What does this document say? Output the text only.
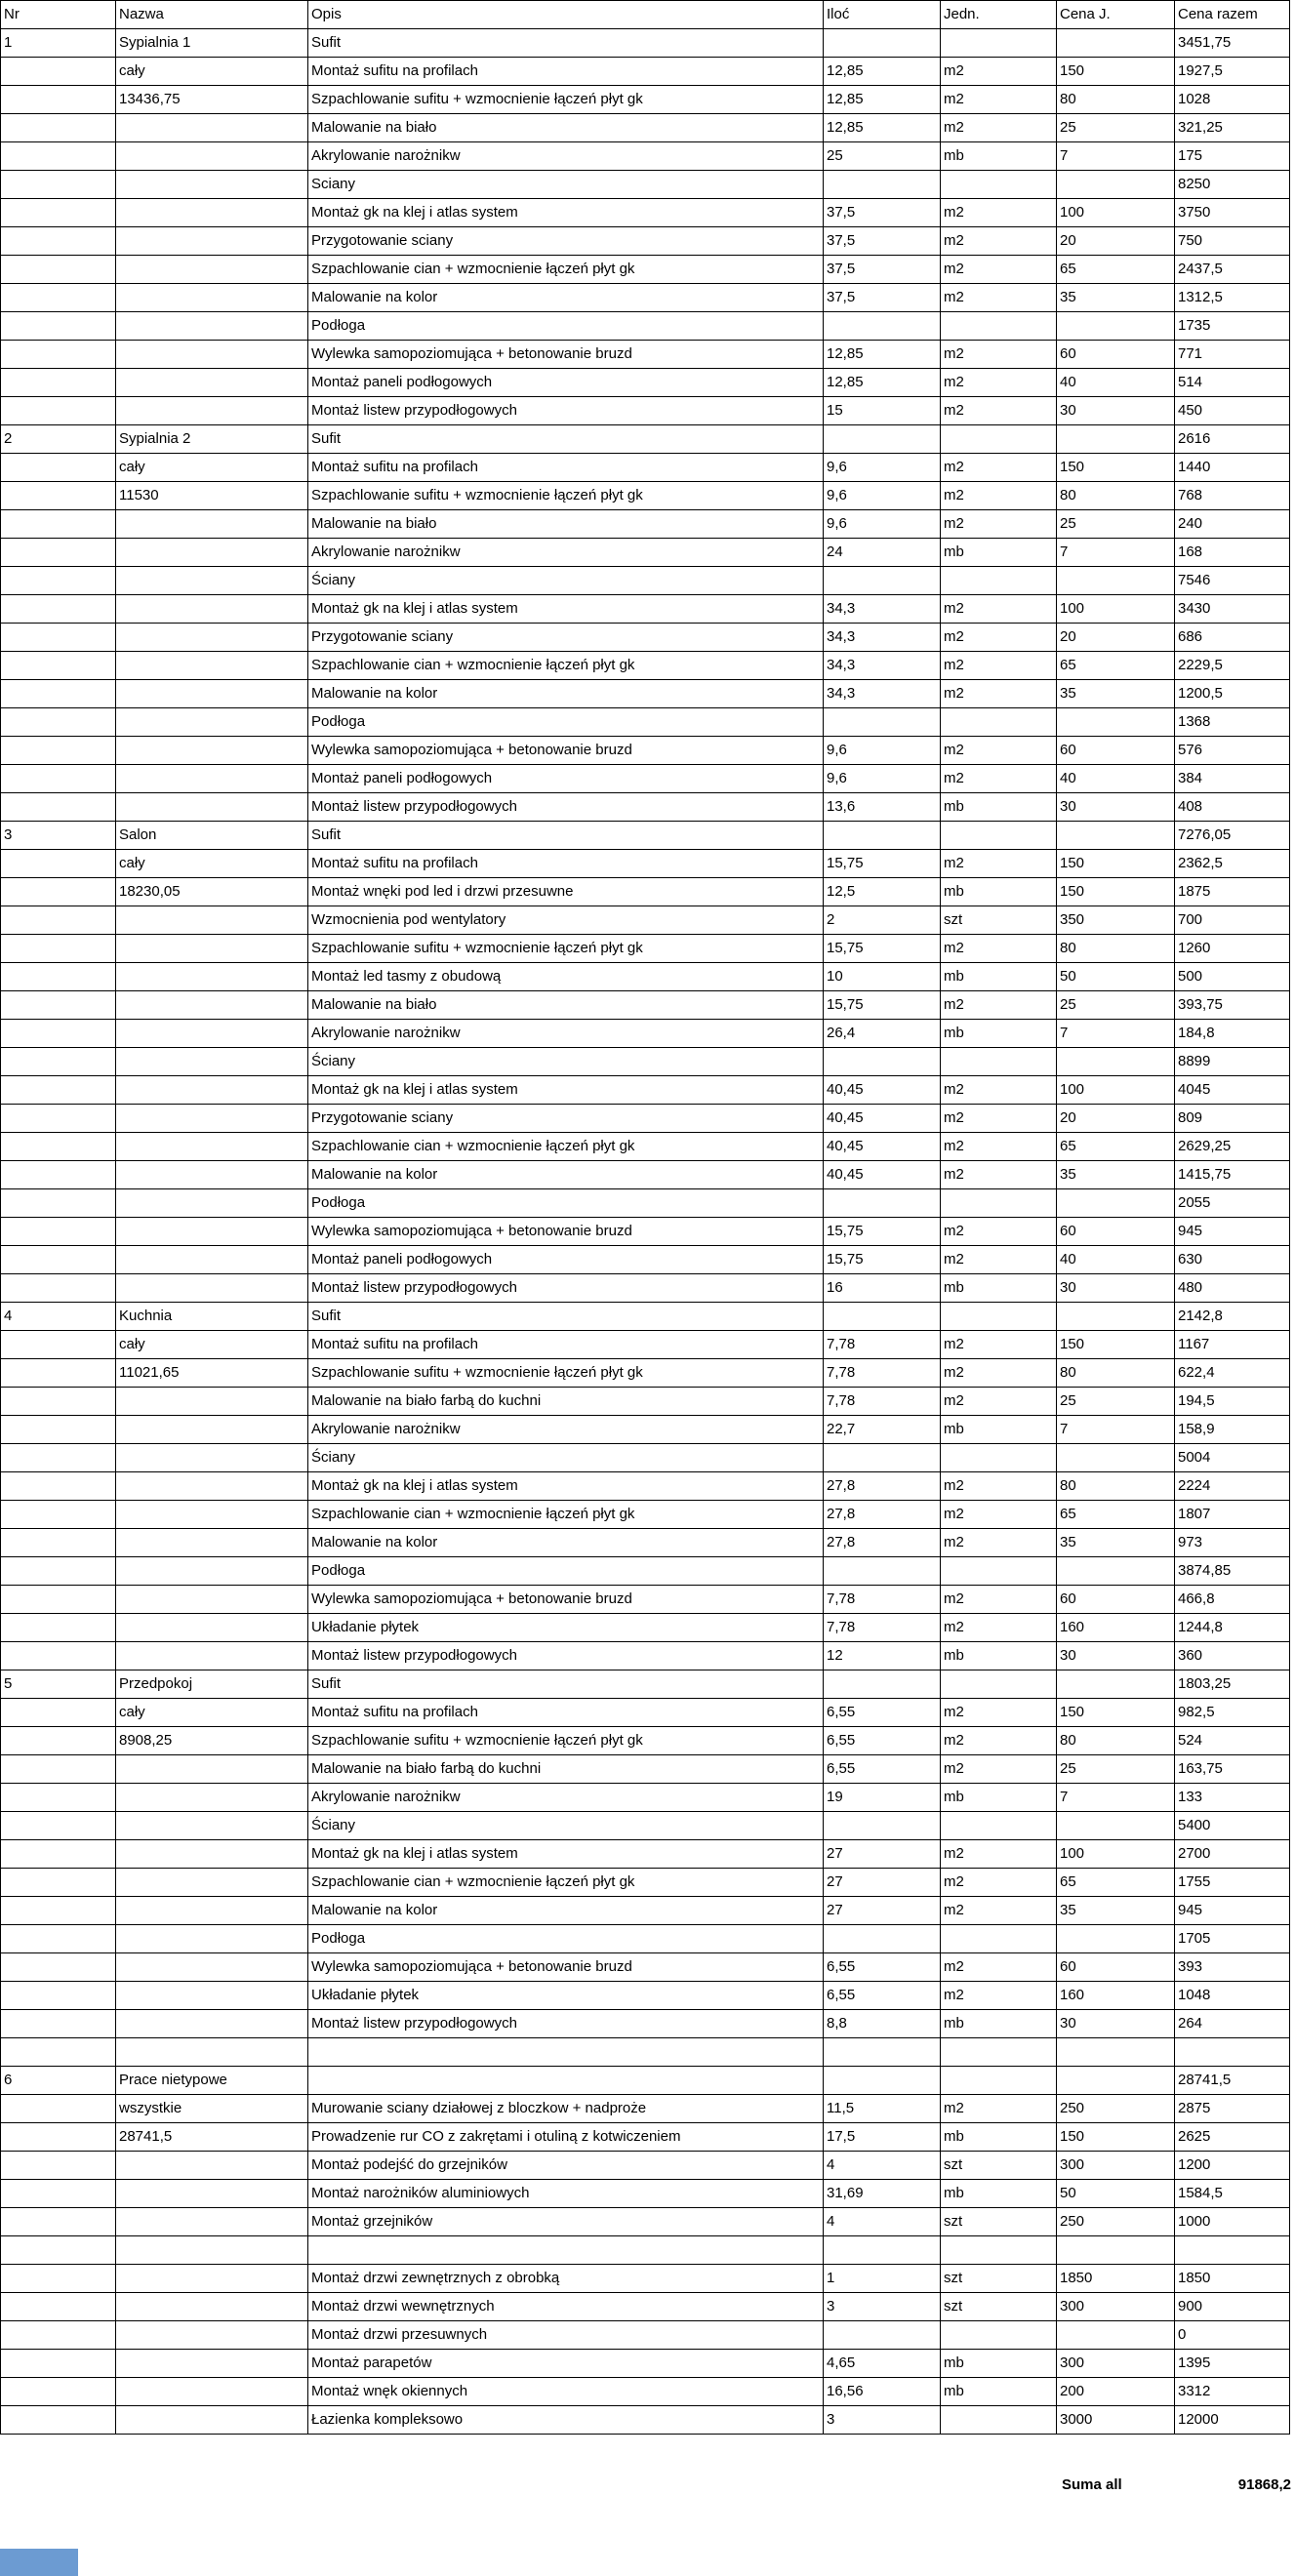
Nr	Nazwa	Opis	Iloć	Jedn.	Cena J.	Cena razem
1	Sypialnia 1	Sufit				3451,75
	cały	Montaż sufitu na profilach	12,85	m2	150	1927,5
	13436,75	Szpachlowanie sufitu + wzmocnienie łączeń płyt gk	12,85	m2	80	1028
		Malowanie na biało	12,85	m2	25	321,25
		Akrylowanie narożnikw	25	mb	7	175
		Sciany				8250
		Montaż gk na klej i atlas system	37,5	m2	100	3750
		Przygotowanie sciany	37,5	m2	20	750
		Szpachlowanie cian + wzmocnienie łączeń płyt gk	37,5	m2	65	2437,5
		Malowanie na kolor	37,5	m2	35	1312,5
		Podłoga				1735
		Wylewka samopoziomująca + betonowanie bruzd	12,85	m2	60	771
		Montaż paneli podłogowych	12,85	m2	40	514
		Montaż listew przypodłogowych	15	m2	30	450
2	Sypialnia 2	Sufit				2616
	cały	Montaż sufitu na profilach	9,6	m2	150	1440
	11530	Szpachlowanie sufitu + wzmocnienie łączeń płyt gk	9,6	m2	80	768
		Malowanie na biało	9,6	m2	25	240
		Akrylowanie narożnikw	24	mb	7	168
		Ściany				7546
		Montaż gk na klej i atlas system	34,3	m2	100	3430
		Przygotowanie sciany	34,3	m2	20	686
		Szpachlowanie cian + wzmocnienie łączeń płyt gk	34,3	m2	65	2229,5
		Malowanie na kolor	34,3	m2	35	1200,5
		Podłoga				1368
		Wylewka samopoziomująca + betonowanie bruzd	9,6	m2	60	576
		Montaż paneli podłogowych	9,6	m2	40	384
		Montaż listew przypodłogowych	13,6	mb	30	408
3	Salon	Sufit				7276,05
	cały	Montaż sufitu na profilach	15,75	m2	150	2362,5
	18230,05	Montaż wnęki pod led i drzwi przesuwne	12,5	mb	150	1875
		Wzmocnienia pod wentylatory	2	szt	350	700
		Szpachlowanie sufitu + wzmocnienie łączeń płyt gk	15,75	m2	80	1260
		Montaż led tasmy z obudową	10	mb	50	500
		Malowanie na biało	15,75	m2	25	393,75
		Akrylowanie narożnikw	26,4	mb	7	184,8
		Ściany				8899
		Montaż gk na klej i atlas system	40,45	m2	100	4045
		Przygotowanie sciany	40,45	m2	20	809
		Szpachlowanie cian + wzmocnienie łączeń płyt gk	40,45	m2	65	2629,25
		Malowanie na kolor	40,45	m2	35	1415,75
		Podłoga				2055
		Wylewka samopoziomująca + betonowanie bruzd	15,75	m2	60	945
		Montaż paneli podłogowych	15,75	m2	40	630
		Montaż listew przypodłogowych	16	mb	30	480
4	Kuchnia	Sufit				2142,8
	cały	Montaż sufitu na profilach	7,78	m2	150	1167
	11021,65	Szpachlowanie sufitu + wzmocnienie łączeń płyt gk	7,78	m2	80	622,4
		Malowanie na biało farbą do kuchni	7,78	m2	25	194,5
		Akrylowanie narożnikw	22,7	mb	7	158,9
		Ściany				5004
		Montaż gk na klej i atlas system	27,8	m2	80	2224
		Szpachlowanie cian + wzmocnienie łączeń płyt gk	27,8	m2	65	1807
		Malowanie na kolor	27,8	m2	35	973
		Podłoga				3874,85
		Wylewka samopoziomująca + betonowanie bruzd	7,78	m2	60	466,8
		Układanie płytek	7,78	m2	160	1244,8
		Montaż listew przypodłogowych	12	mb	30	360
5	Przedpokoj	Sufit				1803,25
	cały	Montaż sufitu na profilach	6,55	m2	150	982,5
	8908,25	Szpachlowanie sufitu + wzmocnienie łączeń płyt gk	6,55	m2	80	524
		Malowanie na biało farbą do kuchni	6,55	m2	25	163,75
		Akrylowanie narożnikw	19	mb	7	133
		Ściany				5400
		Montaż gk na klej i atlas system	27	m2	100	2700
		Szpachlowanie cian + wzmocnienie łączeń płyt gk	27	m2	65	1755
		Malowanie na kolor	27	m2	35	945
		Podłoga				1705
		Wylewka samopoziomująca + betonowanie bruzd	6,55	m2	60	393
		Układanie płytek	6,55	m2	160	1048
		Montaż listew przypodłogowych	8,8	mb	30	264

6	Prace nietypowe					28741,5
	wszystkie	Murowanie sciany działowej z bloczkow + nadproże	11,5	m2	250	2875
	28741,5	Prowadzenie rur CO z zakrętami i otuliną z kotwiczeniem	17,5	mb	150	2625
		Montaż podejść do grzejników	4	szt	300	1200
		Montaż narożników aluminiowych	31,69	mb	50	1584,5
		Montaż grzejników	4	szt	250	1000

		Montaż drzwi zewnętrznych z obrobką	1	szt	1850	1850
		Montaż drzwi wewnętrznych	3	szt	300	900
		Montaż drzwi przesuwnych				0
		Montaż parapetów	4,65	mb	300	1395
		Montaż wnęk okiennych	16,56	mb	200	3312
		Łazienka kompleksowo	3		3000	12000
Suma all	91868,2
